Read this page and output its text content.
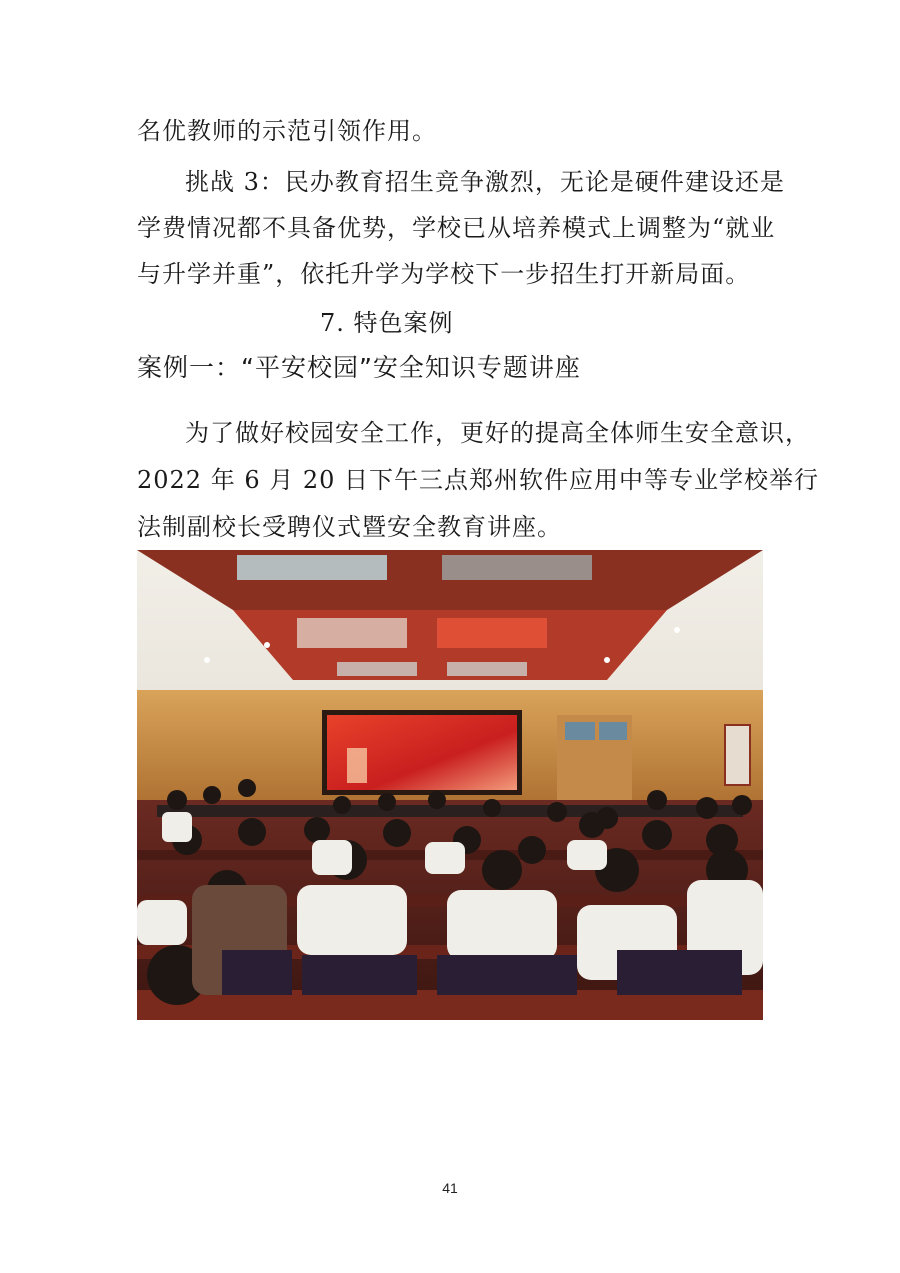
名优教师的示范引领作用。
挑战 3：民办教育招生竞争激烈，无论是硬件建设还是
学费情况都不具备优势，学校已从培养模式上调整为“就业
与升学并重”，依托升学为学校下一步招生打开新局面。
7. 特色案例
案例一：“平安校园”安全知识专题讲座
为了做好校园安全工作，更好的提高全体师生安全意识，
2022 年 6 月 20 日下午三点郑州软件应用中等专业学校举行
法制副校长受聘仪式暨安全教育讲座。
41
